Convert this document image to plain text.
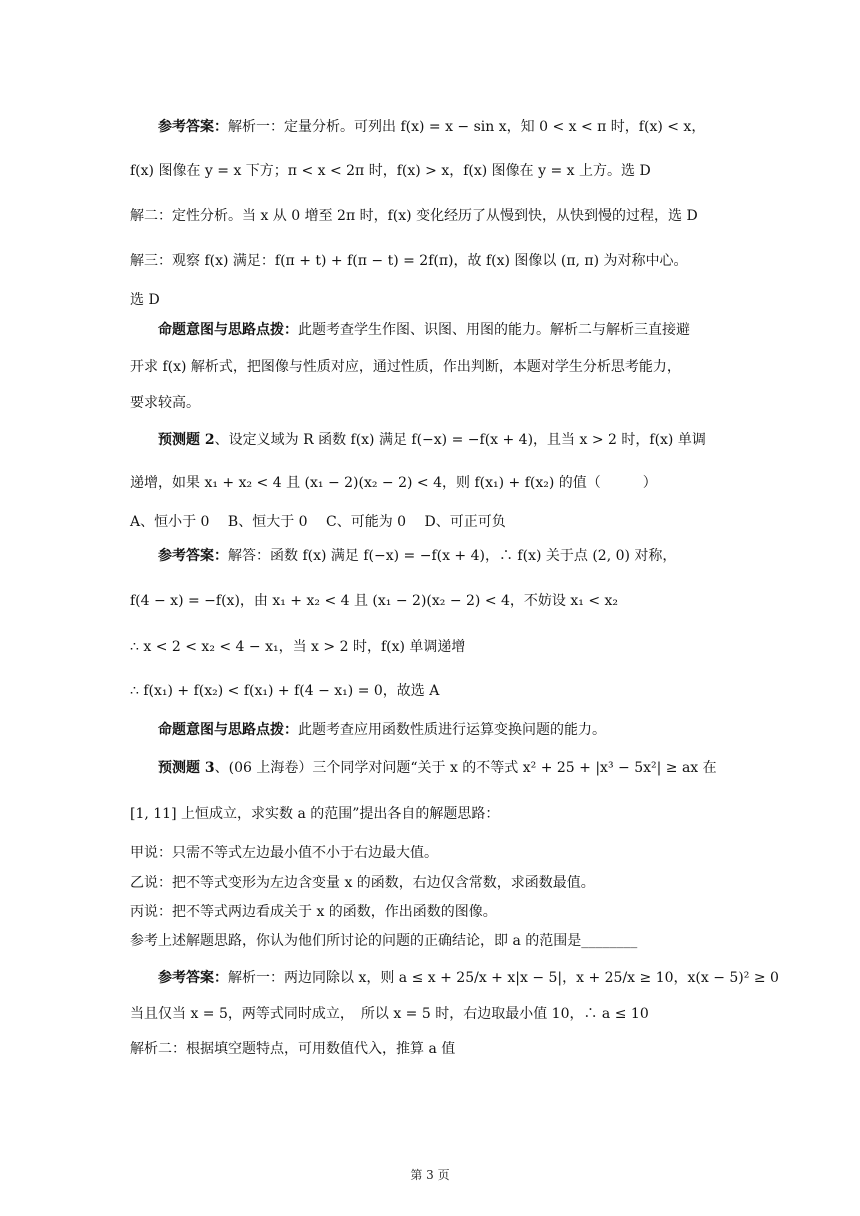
参考答案：解析一：定量分析。可列出 f(x) = x − sin x，知 0 < x < π 时，f(x) < x，
f(x) 图像在 y = x 下方；π < x < 2π 时，f(x) > x，f(x) 图像在 y = x 上方。选 D
解二：定性分析。当 x 从 0 增至 2π 时，f(x) 变化经历了从慢到快，从快到慢的过程，选 D
解三：观察 f(x) 满足：f(π + t) + f(π − t) = 2f(π)，故 f(x) 图像以 (π, π) 为对称中心。
选 D
命题意图与思路点拨：此题考查学生作图、识图、用图的能力。解析二与解析三直接避
开求 f(x) 解析式，把图像与性质对应，通过性质，作出判断，本题对学生分析思考能力，
要求较高。
预测题 2、设定义域为 R 函数 f(x) 满足 f(−x) = −f(x + 4)，且当 x > 2 时，f(x) 单调
递增，如果 x₁ + x₂ < 4 且 (x₁ − 2)(x₂ − 2) < 4，则 f(x₁) + f(x₂) 的值（　　　）
A、恒小于 0　 B、恒大于 0　 C、可能为 0　 D、可正可负
参考答案：解答：函数 f(x) 满足 f(−x) = −f(x + 4)，∴ f(x) 关于点 (2, 0) 对称，
f(4 − x) = −f(x)，由 x₁ + x₂ < 4 且 (x₁ − 2)(x₂ − 2) < 4，不妨设 x₁ < x₂
∴ x < 2 < x₂ < 4 − x₁，当 x > 2 时，f(x) 单调递增
∴ f(x₁) + f(x₂) < f(x₁) + f(4 − x₁) = 0，故选 A
命题意图与思路点拨：此题考查应用函数性质进行运算变换问题的能力。
预测题 3、(06 上海卷）三个同学对问题“关于 x 的不等式 x² + 25 + |x³ − 5x²| ≥ ax 在
[1, 11] 上恒成立，求实数 a 的范围”提出各自的解题思路：
甲说：只需不等式左边最小值不小于右边最大值。
乙说：把不等式变形为左边含变量 x 的函数，右边仅含常数，求函数最值。
丙说：把不等式两边看成关于 x 的函数，作出函数的图像。
参考上述解题思路，你认为他们所讨论的问题的正确结论，即 a 的范围是________
参考答案：解析一：两边同除以 x，则 a ≤ x + 25/x + x|x − 5|，x + 25/x ≥ 10，x(x − 5)² ≥ 0
当且仅当 x = 5，两等式同时成立，　所以 x = 5 时，右边取最小值 10，∴ a ≤ 10
解析二：根据填空题特点，可用数值代入，推算 a 值
第 3 页
